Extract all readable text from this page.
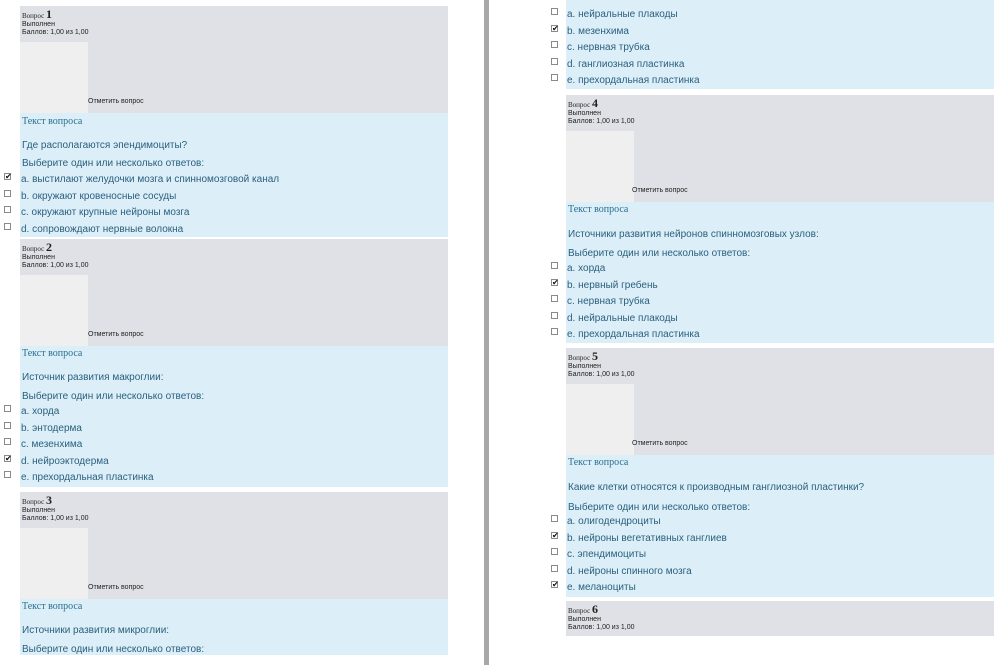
Вопрос 1
Выполнен
Баллов: 1,00 из 1,00
Отметить вопрос
Текст вопроса
Где располагаются эпендимоциты?
Выберите один или несколько ответов:
✔ a. выстилают желудочки мозга и спинномозговой канал
b. окружают кровеносные сосуды
c. окружают крупные нейроны мозга
d. сопровождают нервные волокна
Вопрос 2
Выполнен
Баллов: 1,00 из 1,00
Отметить вопрос
Текст вопроса
Источник развития макроглии:
Выберите один или несколько ответов:
a. хорда
b. энтодерма
c. мезенхима
✔ d. нейроэктодерма
e. прехордальная пластинка
Вопрос 3
Выполнен
Баллов: 1,00 из 1,00
Отметить вопрос
Текст вопроса
Источники развития микроглии:
Выберите один или несколько ответов:
a. нейральные плакоды
✔ b. мезенхима
c. нервная трубка
d. ганглиозная пластинка
e. прехордальная пластинка
Вопрос 4
Выполнен
Баллов: 1,00 из 1,00
Отметить вопрос
Текст вопроса
Источники развития нейронов спинномозговых узлов:
Выберите один или несколько ответов:
a. хорда
✔ b. нервный гребень
c. нервная трубка
d. нейральные плакоды
e. прехордальная пластинка
Вопрос 5
Выполнен
Баллов: 1,00 из 1,00
Отметить вопрос
Текст вопроса
Какие клетки относятся к производным ганглиозной пластинки?
Выберите один или несколько ответов:
a. олигодендроциты
✔ b. нейроны вегетативных ганглиев
c. эпендимоциты
d. нейроны спинного мозга
✔ e. меланоциты
Вопрос 6
Выполнен
Баллов: 1,00 из 1,00
